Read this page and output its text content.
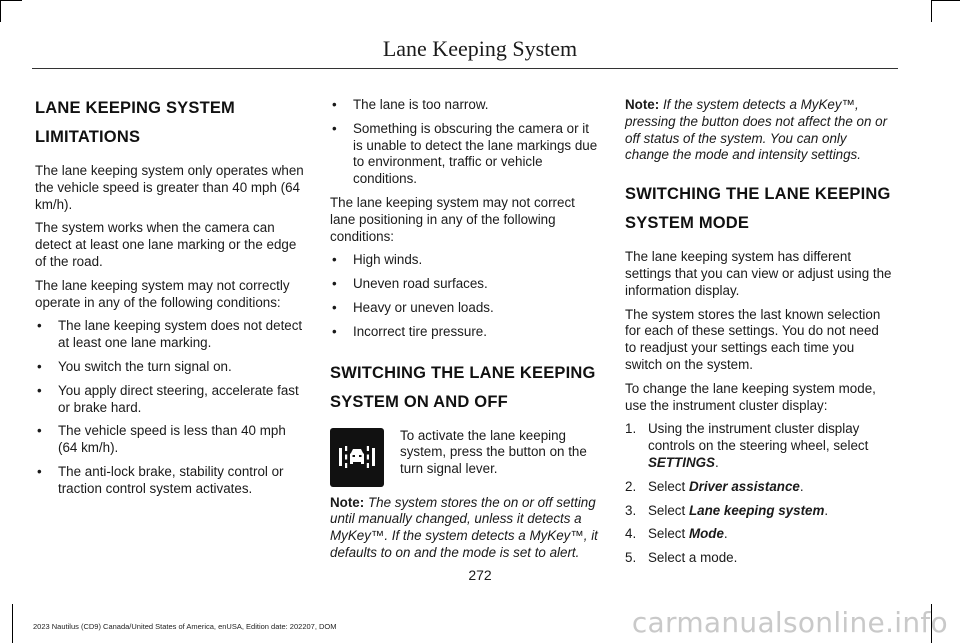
Lane Keeping System
LANE KEEPING SYSTEM
LIMITATIONS

The lane keeping system only operates when the vehicle speed is greater than 40 mph (64 km/h).

The system works when the camera can detect at least one lane marking or the edge of the road.

The lane keeping system may not correctly operate in any of the following conditions:

• The lane keeping system does not detect at least one lane marking.
• You switch the turn signal on.
• You apply direct steering, accelerate fast or brake hard.
• The vehicle speed is less than 40 mph (64 km/h).
• The anti-lock brake, stability control or traction control system activates.
• The lane is too narrow.
• Something is obscuring the camera or it is unable to detect the lane markings due to environment, traffic or vehicle conditions.

The lane keeping system may not correct lane positioning in any of the following conditions:

• High winds.
• Uneven road surfaces.
• Heavy or uneven loads.
• Incorrect tire pressure.
SWITCHING THE LANE KEEPING
SYSTEM ON AND OFF

To activate the lane keeping system, press the button on the turn signal lever.

Note: The system stores the on or off setting until manually changed, unless it detects a MyKey™. If the system detects a MyKey™, it defaults to on and the mode is set to alert.

Note: If the system detects a MyKey™, pressing the button does not affect the on or off status of the system. You can only change the mode and intensity settings.

SWITCHING THE LANE KEEPING
SYSTEM MODE

The lane keeping system has different settings that you can view or adjust using the information display.

The system stores the last known selection for each of these settings. You do not need to readjust your settings each time you switch on the system.

To change the lane keeping system mode, use the instrument cluster display:

1. Using the instrument cluster display controls on the steering wheel, select SETTINGS.
2. Select Driver assistance.
3. Select Lane keeping system.
4. Select Mode.
5. Select a mode.
272
2023 Nautilus (CD9) Canada/United States of America, enUSA, Edition date: 202207, DOM	carmanualsonline.info
